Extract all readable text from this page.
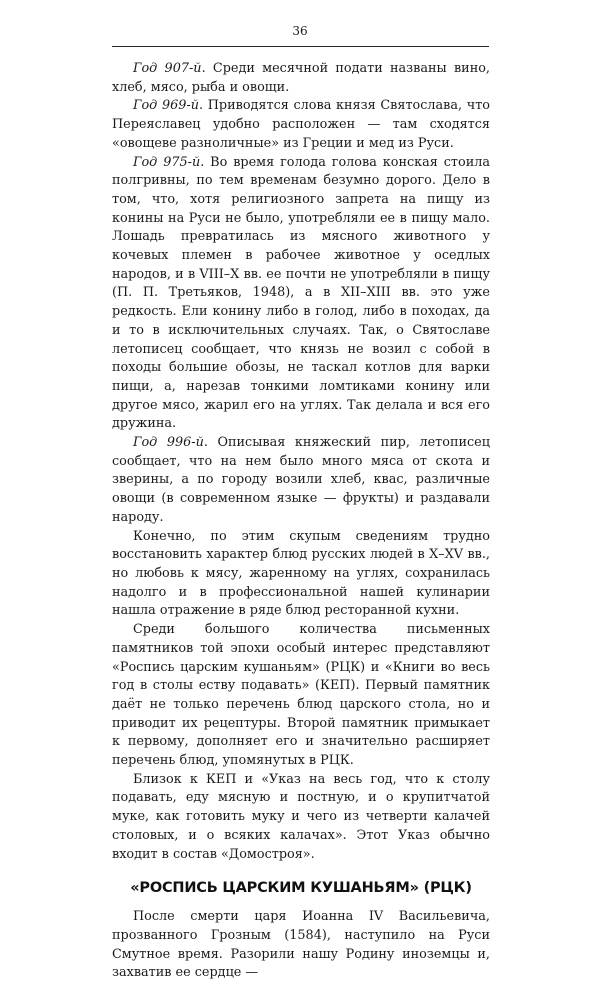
36

Год 907-й. Среди месячной подати названы вино, хлеб, мясо, рыба и овощи.

Год 969-й. Приводятся слова князя Святослава, что Переяславец удобно расположен — там сходятся «овощеве разноличные» из Греции и мед из Руси.

Год 975-й. Во время голода голова конская стоила полгривны, по тем временам безумно дорого. Дело в том, что, хотя религиозного запрета на пищу из конины на Руси не было, употребляли ее в пищу мало. Лошадь превратилась из мясного животного у кочевых племен в рабочее животное у оседлых народов, и в VIII–X вв. ее почти не употребляли в пищу (П. П. Третьяков, 1948), а в XII–XIII вв. это уже редкость. Ели конину либо в голод, либо в походах, да и то в исключительных случаях. Так, о Святославе летописец сообщает, что князь не возил с собой в походы большие обозы, не таскал котлов для варки пищи, а, нарезав тонкими ломтиками конину или другое мясо, жарил его на углях. Так делала и вся его дружина.

Год 996-й. Описывая княжеский пир, летописец сообщает, что на нем было много мяса от скота и зверины, а по городу возили хлеб, квас, различные овощи (в современном языке — фрукты) и раздавали народу.

Конечно, по этим скупым сведениям трудно восстановить характер блюд русских людей в X–XV вв., но любовь к мясу, жаренному на углях, сохранилась надолго и в профессиональной нашей кулинарии нашла отражение в ряде блюд ресторанной кухни.

Среди большого количества письменных памятников той эпохи особый интерес представляют «Роспись царским кушаньям» (РЦК) и «Книги во весь год в столы еству подавать» (КЕП). Первый памятник даёт не только перечень блюд царского стола, но и приводит их рецептуры. Второй памятник примыкает к первому, дополняет его и значительно расширяет перечень блюд, упомянутых в РЦК.

Близок к КЕП и «Указ на весь год, что к столу подавать, еду мясную и постную, и о крупитчатой муке, как готовить муку и чего из четверти калачей столовых, и о всяких калачах». Этот Указ обычно входит в состав «Домостроя».

«РОСПИСЬ ЦАРСКИМ КУШАНЬЯМ» (РЦК)

После смерти царя Иоанна IV Васильевича, прозванного Грозным (1584), наступило на Руси Смутное время. Разорили нашу Родину иноземцы и, захватив ее сердце —
